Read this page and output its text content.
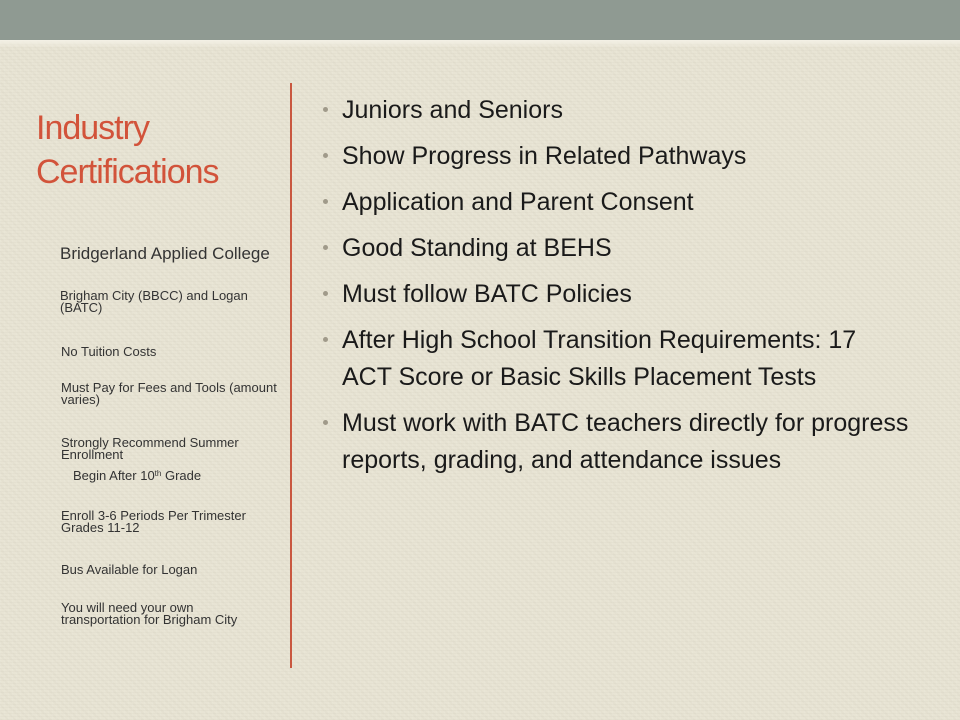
Industry Certifications
Bridgerland Applied College
Brigham City (BBCC) and Logan (BATC)
No Tuition Costs
Must Pay for Fees and Tools (amount varies)
Strongly Recommend Summer Enrollment
Begin After 10th Grade
Enroll 3-6 Periods Per Trimester Grades 11-12
Bus Available for Logan
You will need your own transportation for Brigham City
Juniors and Seniors
Show Progress in Related Pathways
Application and Parent Consent
Good Standing at BEHS
Must follow BATC Policies
After High School Transition Requirements: 17 ACT Score or Basic Skills Placement Tests
Must work with BATC teachers directly for progress reports, grading, and attendance issues
